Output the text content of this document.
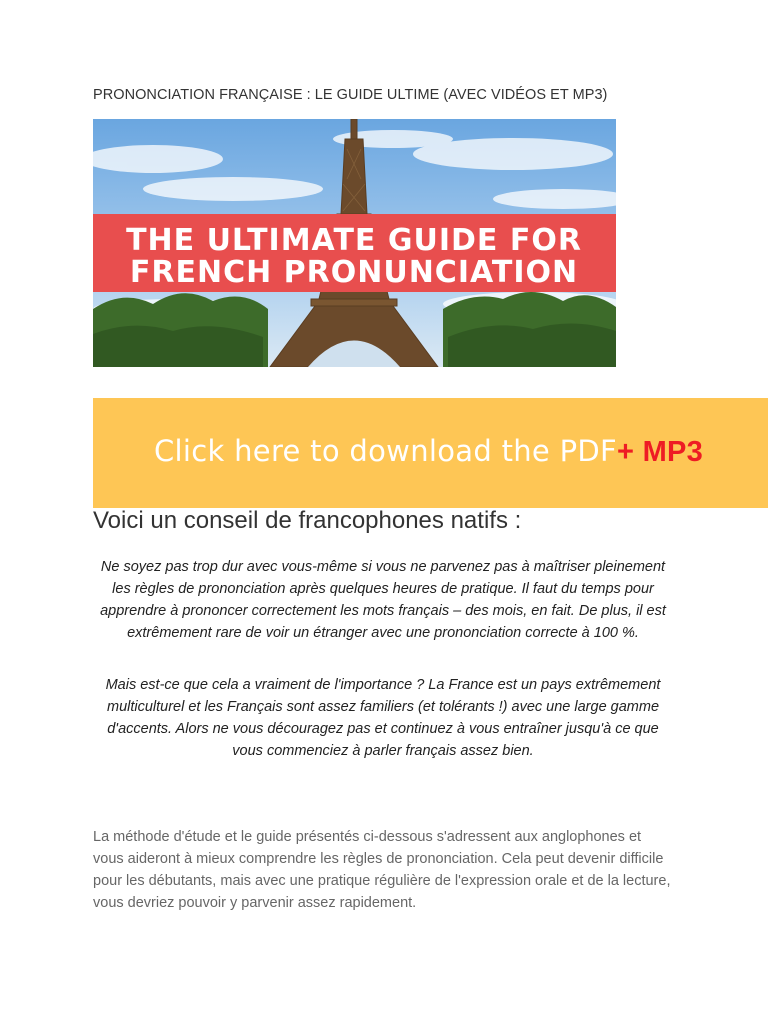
PRONONCIATION FRANÇAISE : LE GUIDE ULTIME (AVEC VIDÉOS ET MP3)
THE ULTIMATE GUIDE FOR
FRENCH PRONUNCIATION
Click here to download the PDF+ MP3
Voici un conseil de francophones natifs :
Ne soyez pas trop dur avec vous-même si vous ne parvenez pas à maîtriser pleinement les règles de prononciation après quelques heures de pratique. Il faut du temps pour apprendre à prononcer correctement les mots français – des mois, en fait. De plus, il est extrêmement rare de voir un étranger avec une prononciation correcte à 100 %.
Mais est-ce que cela a vraiment de l'importance ? La France est un pays extrêmement multiculturel et les Français sont assez familiers (et tolérants !) avec une large gamme d'accents. Alors ne vous découragez pas et continuez à vous entraîner jusqu'à ce que vous commenciez à parler français assez bien.
La méthode d'étude et le guide présentés ci-dessous s'adressent aux anglophones et vous aideront à mieux comprendre les règles de prononciation. Cela peut devenir difficile pour les débutants, mais avec une pratique régulière de l'expression orale et de la lecture, vous devriez pouvoir y parvenir assez rapidement.
